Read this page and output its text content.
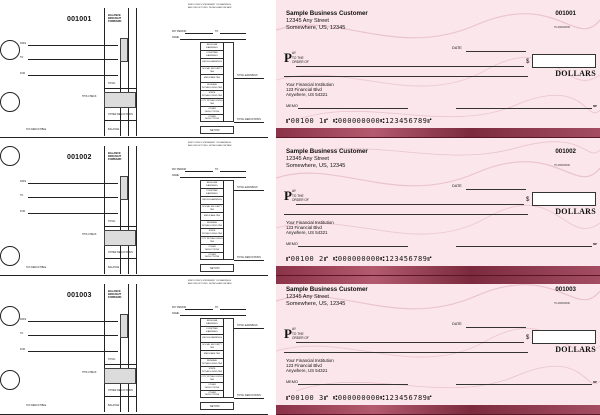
001001
BALANCE BROUGHT FORWARD
DATE
TO
FOR
TOTAL
THIS CHECK
OTHER DEDUCTIONS
TAX DEDUCTIBLE	BALANCE
EMPLOYEE'S STATEMENT OF EARNINGS
AND DEDUCTIONS. DETACH AND RETAIN
PAY PERIOD	TO
NAME
REGULAR EARNINGS
OVERTIME EARNINGS
GROSS EARNINGS
SOCIAL SECURITY TAX
MEDICARE TAX
FEDERAL WITHHOLDING TAX
STATE WITHHOLDING TAX
CITY WITHHOLDING TAX
OTHER DEDUCTIONS
OTHER DEDUCTIONS
TOTAL EARNINGS
TOTAL DEDUCTIONS
NET PAY
Sample Business Customer
12345 Any Street
Somewhere, US, 12345
001001
76-0000/0000
DATE
P AY
TO THE
ORDER OF	$
DOLLARS
Your Financial Institution
123 Financial Blvd
Anywhere, US 54321
MEMO	MP
⑈00100 1⑈ ⑆000000000⑆123456789⑈
001002
BALANCE BROUGHT FORWARD
DATE
TO
FOR
TOTAL
THIS CHECK
OTHER DEDUCTIONS
TAX DEDUCTIBLE	BALANCE
EMPLOYEE'S STATEMENT OF EARNINGS
AND DEDUCTIONS. DETACH AND RETAIN
PAY PERIOD	TO
NAME
REGULAR EARNINGS
OVERTIME EARNINGS
GROSS EARNINGS
SOCIAL SECURITY TAX
MEDICARE TAX
FEDERAL WITHHOLDING TAX
STATE WITHHOLDING TAX
CITY WITHHOLDING TAX
OTHER DEDUCTIONS
OTHER DEDUCTIONS
TOTAL EARNINGS
TOTAL DEDUCTIONS
NET PAY
Sample Business Customer
12345 Any Street
Somewhere, US, 12345
001002
76-0000/0000
DATE
P AY
TO THE
ORDER OF	$
DOLLARS
Your Financial Institution
123 Financial Blvd
Anywhere, US 54321
MEMO	MP
⑈00100 2⑈ ⑆000000000⑆123456789⑈
001003
BALANCE BROUGHT FORWARD
DATE
TO
FOR
TOTAL
THIS CHECK
OTHER DEDUCTIONS
TAX DEDUCTIBLE	BALANCE
EMPLOYEE'S STATEMENT OF EARNINGS
AND DEDUCTIONS. DETACH AND RETAIN
PAY PERIOD	TO
NAME
REGULAR EARNINGS
OVERTIME EARNINGS
GROSS EARNINGS
SOCIAL SECURITY TAX
MEDICARE TAX
FEDERAL WITHHOLDING TAX
STATE WITHHOLDING TAX
CITY WITHHOLDING TAX
OTHER DEDUCTIONS
OTHER DEDUCTIONS
TOTAL EARNINGS
TOTAL DEDUCTIONS
NET PAY
Sample Business Customer
12345 Any Street
Somewhere, US, 12345
001003
76-0000/0000
DATE
P AY
TO THE
ORDER OF	$
DOLLARS
Your Financial Institution
123 Financial Blvd
Anywhere, US 54321
MEMO	MP
⑈00100 3⑈ ⑆000000000⑆123456789⑈
